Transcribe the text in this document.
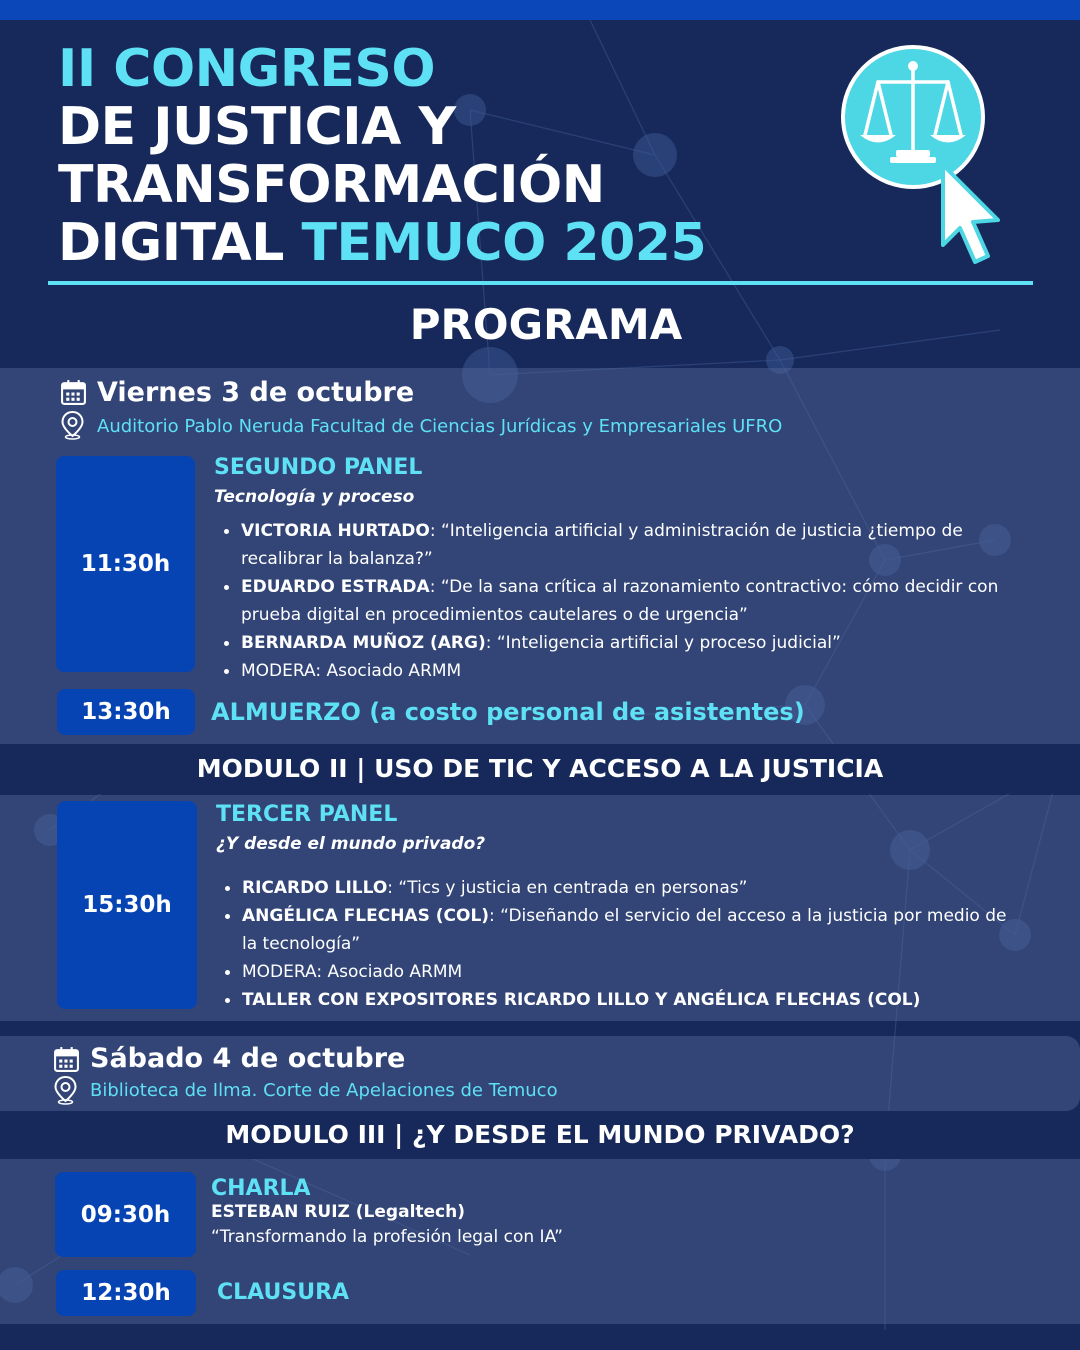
II CONGRESO
DE JUSTICIA Y
TRANSFORMACIÓN
DIGITAL TEMUCO 2025
PROGRAMA
Viernes 3 de octubre
Auditorio Pablo Neruda Facultad de Ciencias Jurídicas y Empresariales UFRO
11:30h
SEGUNDO PANEL
Tecnología y proceso
VICTORIA HURTADO: “Inteligencia artificial y administración de justicia ¿tiempo de recalibrar la balanza?”
EDUARDO ESTRADA: “De la sana crítica al razonamiento contractivo: cómo decidir con prueba digital en procedimientos cautelares o de urgencia”
BERNARDA MUÑOZ (ARG): “Inteligencia artificial y proceso judicial”
MODERA: Asociado ARMM
13:30h	ALMUERZO (a costo personal de asistentes)
MODULO II | USO DE TIC Y ACCESO A LA JUSTICIA
15:30h
TERCER PANEL
¿Y desde el mundo privado?
RICARDO LILLO: “Tics y justicia en centrada en personas”
ANGÉLICA FLECHAS (COL): “Diseñando el servicio del acceso a la justicia por medio de la tecnología”
MODERA: Asociado ARMM
TALLER CON EXPOSITORES RICARDO LILLO Y ANGÉLICA FLECHAS (COL)
Sábado 4 de octubre
Biblioteca de Ilma. Corte de Apelaciones de Temuco
MODULO III | ¿Y DESDE EL MUNDO PRIVADO?
09:30h
CHARLA
ESTEBAN RUIZ (Legaltech)
“Transformando la profesión legal con IA”
12:30h	CLAUSURA
